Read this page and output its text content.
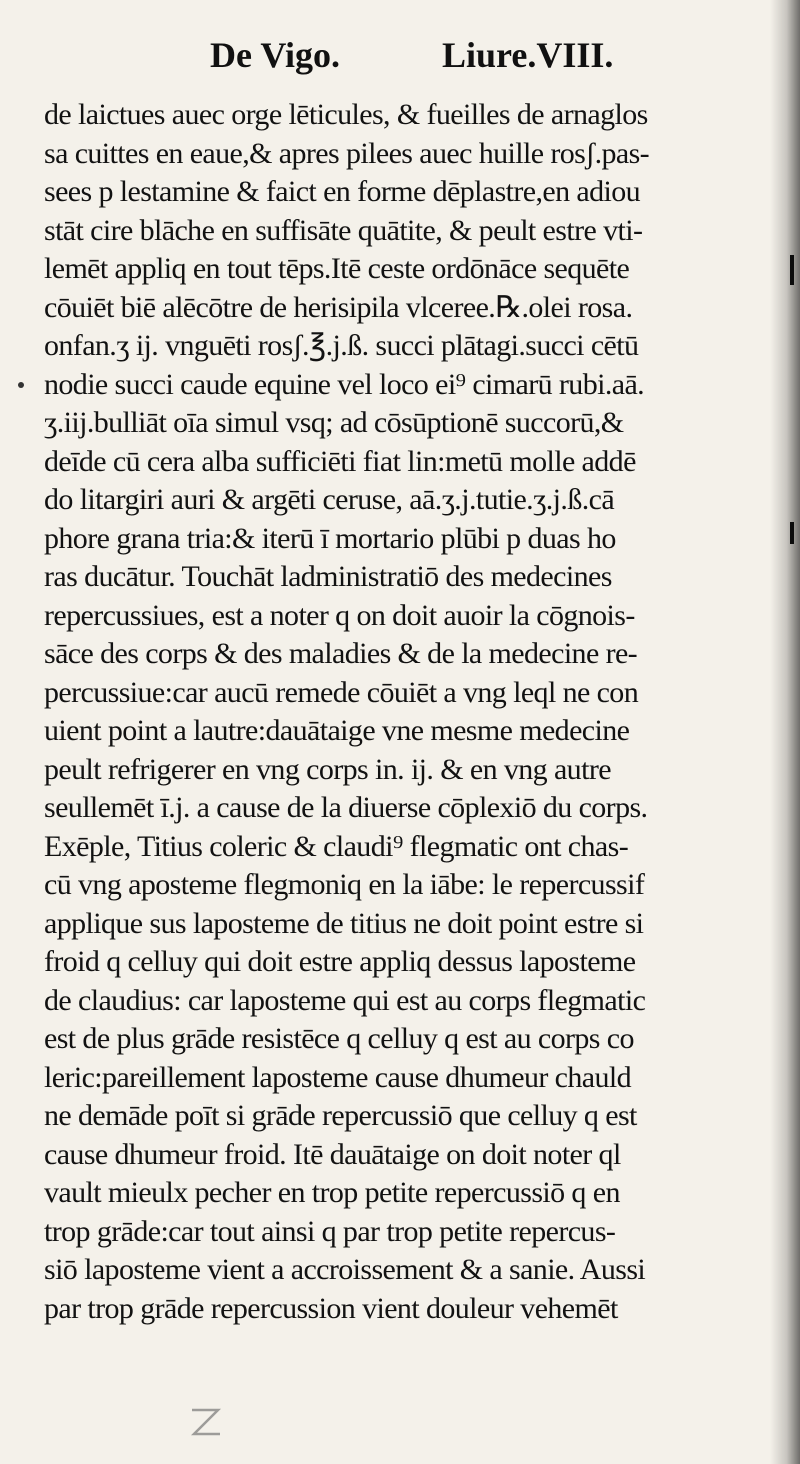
De Vigo.	Liure.VIII.
de laictues auec orge lēticules, & fueilles de arnaglos
sa cuittes en eaue,& apres pilees auec huille rosʃ.pas-
sees p lestamine & faict en forme dēplastre,en adiou
stāt cire blāche en suffisāte quātite, & peult estre vti-
lemēt appliq en tout tēps.Itē ceste ordōnāce sequēte
cōuiēt biē alēcōtre de herisipila vlceree.℞.olei rosa.
onfan.ʒ ij. vnguēti rosʃ.℥.j.ß. succi plātagi.succi cētū
nodie succi caude equine vel loco ei⁹ cimarū rubi.aā.
ʒ.iij.bulliāt oīa simul vsq; ad cōsūptionē succorū,&
deīde cū cera alba sufficiēti fiat lin:metū molle addē
do litargiri auri & argēti ceruse, aā.ʒ.j.tutie.ʒ.j.ß.cā
phore grana tria:& iterū ī mortario plūbi p duas ho
ras ducātur. Touchāt ladministratiō des medecines
repercussiues, est a noter q on doit auoir la cōgnois-
sāce des corps & des maladies & de la medecine re-
percussiue:car aucū remede cōuiēt a vng leql ne con
uient point a lautre:dauātaige vne mesme medecine
peult refrigerer en vng corps in. ij. & en vng autre
seullemēt ī.j. a cause de la diuerse cōplexiō du corps.
Exēple, Titius coleric & claudi⁹ flegmatic ont chas-
cū vng aposteme flegmoniq en la iābe: le repercussif
applique sus laposteme de titius ne doit point estre si
froid q celluy qui doit estre appliq dessus laposteme
de claudius: car laposteme qui est au corps flegmatic
est de plus grāde resistēce q celluy q est au corps co
leric:pareillement laposteme cause dhumeur chauld
ne demāde poīt si grāde repercussiō que celluy q est
cause dhumeur froid. Itē dauātaige on doit noter ql
vault mieulx pecher en trop petite repercussiō q en
trop grāde:car tout ainsi q par trop petite repercus-
siō laposteme vient a accroissement & a sanie. Aussi
par trop grāde repercussion vient douleur vehemēt
